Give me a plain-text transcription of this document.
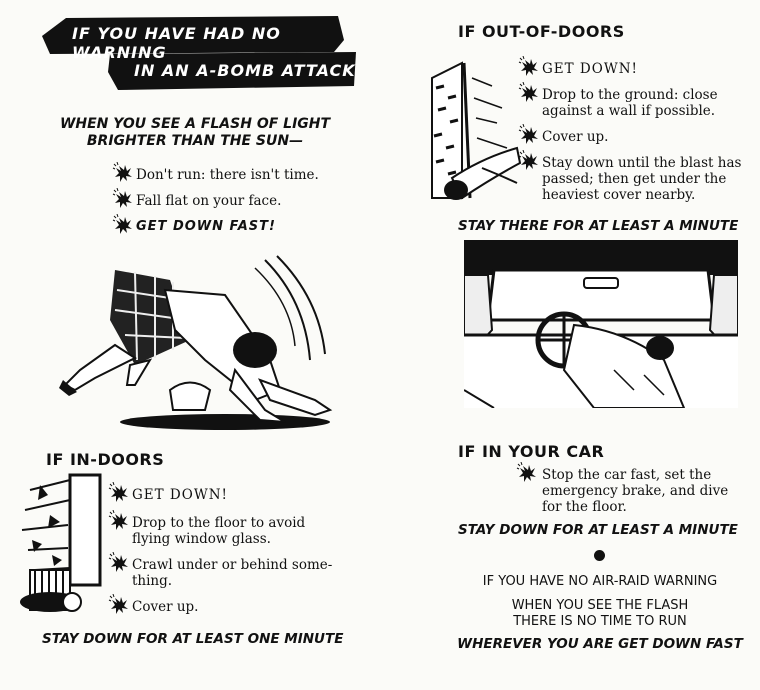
IF YOU HAVE HAD NO WARNING
IN AN A-BOMB ATTACK
WHEN YOU SEE A FLASH OF LIGHT
BRIGHTER THAN THE SUN—
Don't run: there isn't time.
Fall flat on your face.
GET DOWN FAST!
IF IN-DOORS
GET DOWN!
Drop to the floor to avoid
flying window glass.
Crawl under or behind some-
thing.
Cover up.
STAY DOWN FOR AT LEAST ONE MINUTE
IF OUT-OF-DOORS
GET DOWN!
Drop to the ground: close
against a wall if possible.
Cover up.
Stay down until the blast has
passed; then get under the
heaviest cover nearby.
STAY THERE FOR AT LEAST A MINUTE
IF IN YOUR CAR
Stop the car fast, set the
emergency brake, and dive
for the floor.
STAY DOWN FOR AT LEAST A MINUTE
IF YOU HAVE NO AIR-RAID WARNING
WHEN YOU SEE THE FLASH
THERE IS NO TIME TO RUN
WHEREVER YOU ARE GET DOWN FAST
